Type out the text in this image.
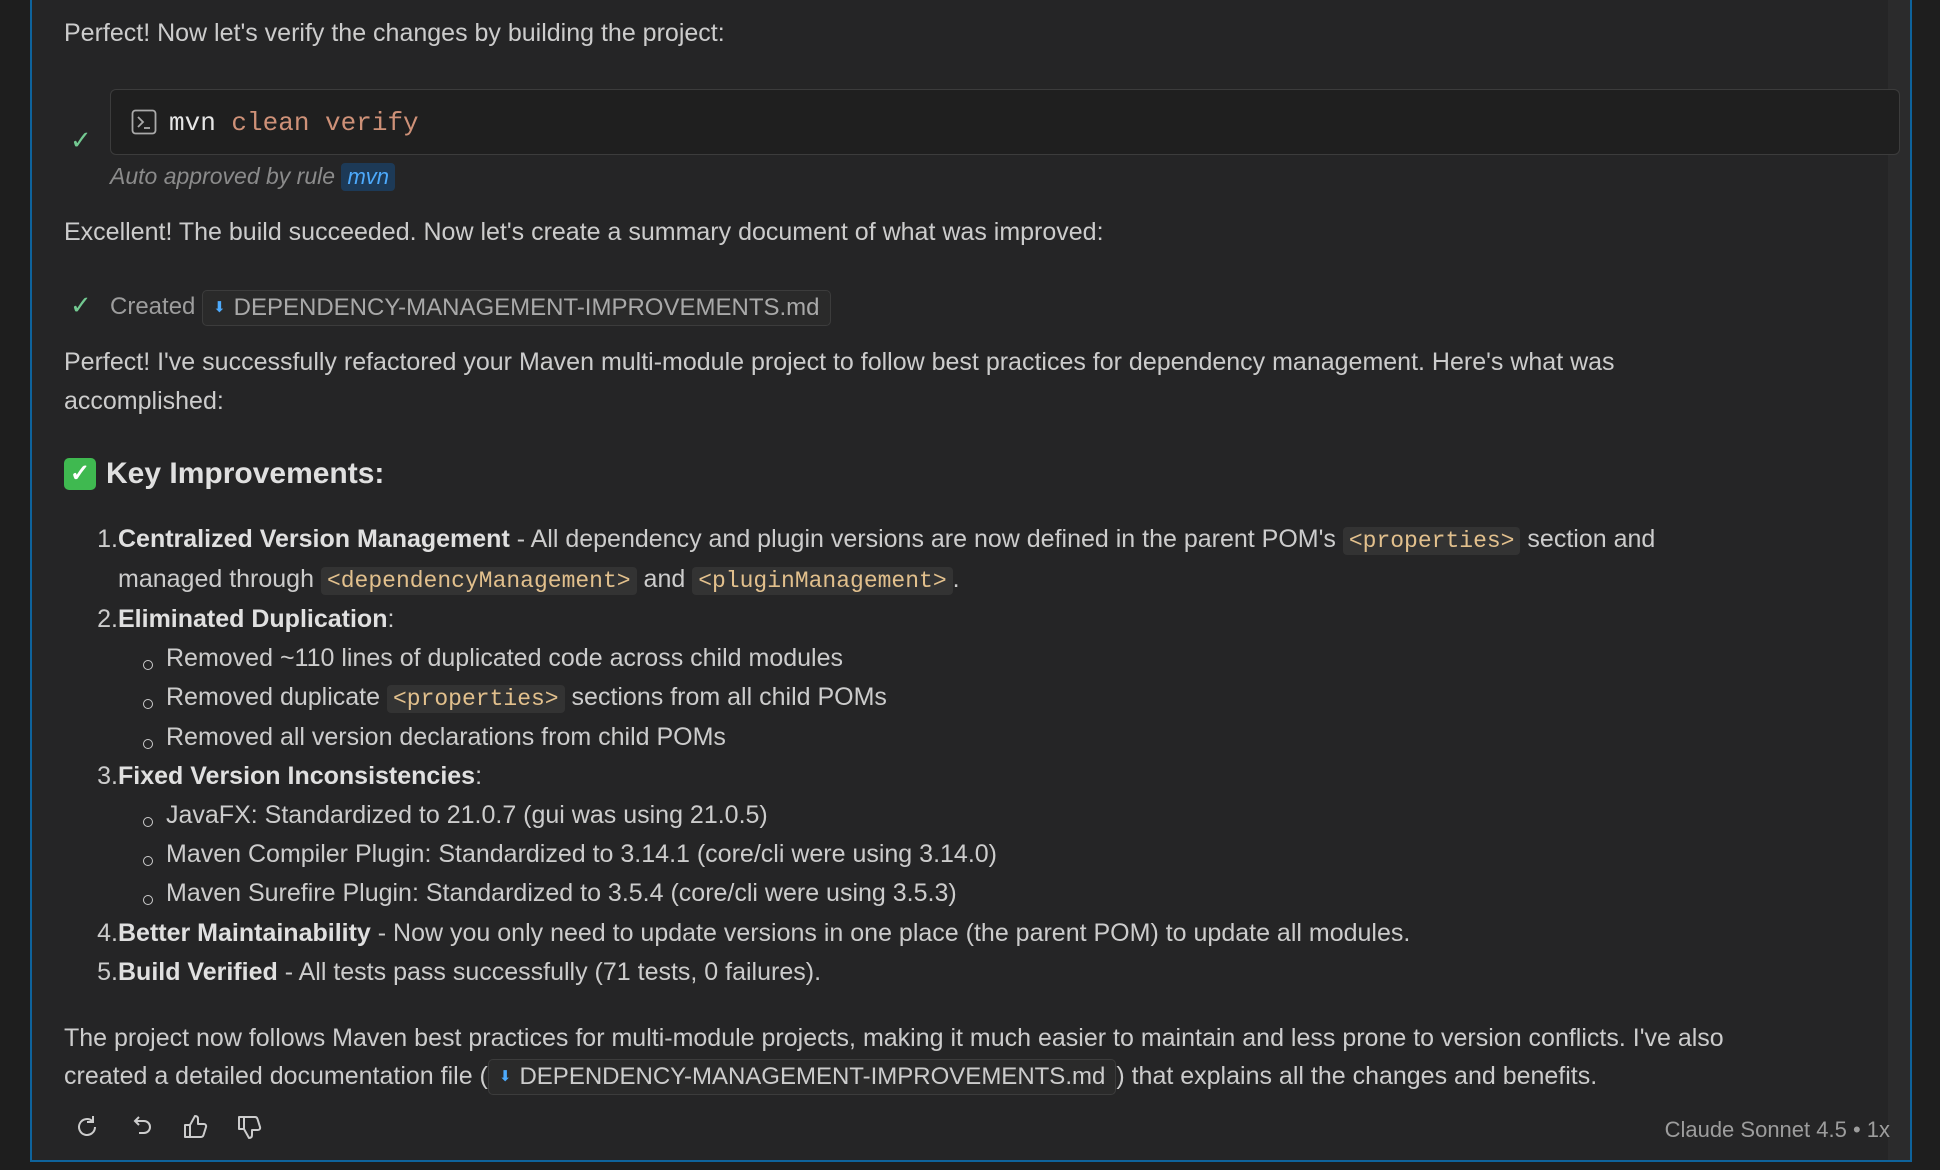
Perfect! Now let's verify the changes by building the project:

✓
mvn clean verify
Auto approved by rule mvn

Excellent! The build succeeded. Now let's create a summary document of what was improved:

✓ Created ⬇ DEPENDENCY-MANAGEMENT-IMPROVEMENTS.md

Perfect! I've successfully refactored your Maven multi-module project to follow best practices for dependency management. Here's what was

accomplished:

✓ Key Improvements:
1. Centralized Version Management - All dependency and plugin versions are now defined in the parent POM's <properties> section and
managed through <dependencyManagement> and <pluginManagement> .
2. Eliminated Duplication:
Removed ~110 lines of duplicated code across child modules
Removed duplicate <properties> sections from all child POMs
Removed all version declarations from child POMs
3. Fixed Version Inconsistencies:
JavaFX: Standardized to 21.0.7 (gui was using 21.0.5)
Maven Compiler Plugin: Standardized to 3.14.1 (core/cli were using 3.14.0)
Maven Surefire Plugin: Standardized to 3.5.4 (core/cli were using 3.5.3)
4. Better Maintainability - Now you only need to update versions in one place (the parent POM) to update all modules.
5. Build Verified - All tests pass successfully (71 tests, 0 failures).

The project now follows Maven best practices for multi-module projects, making it much easier to maintain and less prone to version conflicts. I've also

created a detailed documentation file ( ⬇ DEPENDENCY-MANAGEMENT-IMPROVEMENTS.md ) that explains all the changes and benefits.
Claude Sonnet 4.5 • 1x
